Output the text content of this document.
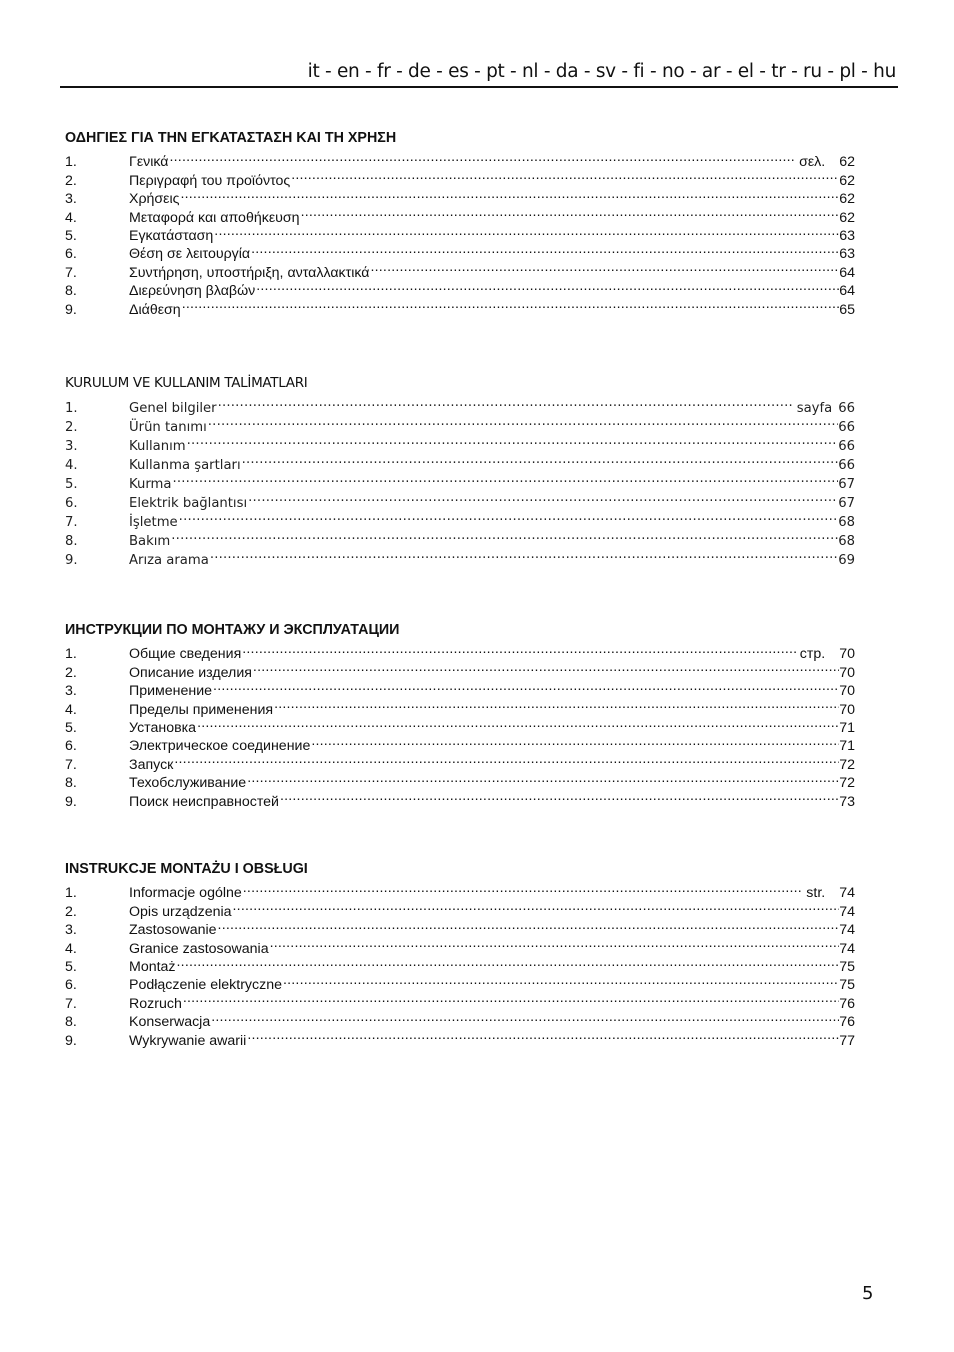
it - en - fr - de - es - pt - nl - da - sv - fi - no - ar - el - tr - ru - pl - hu
ΟΔΗΓΙΕΣ ΓΙΑ ΤΗΝ ΕΓΚΑΤΑΣΤΑΣΗ ΚΑΙ ΤΗ ΧΡΗΣΗ
1.	Γενικά .....	σελ. 62
2.	Περιγραφή του προϊόντος .....	62
3.	Χρήσεις .....	62
4.	Μεταφορά και αποθήκευση .....	62
5.	Εγκατάσταση .....	63
6.	Θέση σε λειτουργία .....	63
7.	Συντήρηση, υποστήριξη, ανταλλακτικά .....	64
8.	Διερεύνηση βλαβών .....	64
9.	Διάθεση .....	65
KURULUM VE KULLANIM TALİMATLARI
1.	Genel bilgiler .....	sayfa 66
2.	Ürün tanımı .....	66
3.	Kullanım .....	66
4.	Kullanma şartları .....	66
5.	Kurma .....	67
6.	Elektrik bağlantısı .....	67
7.	İşletme .....	68
8.	Bakım .....	68
9.	Arıza arama .....	69
ИНСТРУКЦИИ ПО МОНТАЖУ И ЭКСПЛУАТАЦИИ
1.	Общие сведения .....	стр. 70
2.	Описание изделия .....	70
3.	Применение .....	70
4.	Пределы применения .....	70
5.	Установка .....	71
6.	Электрическое соединение .....	71
7.	Запуск .....	72
8.	Техобслуживание .....	72
9.	Поиск неисправностей .....	73
INSTRUKCJE MONTAŻU I OBSŁUGI
1.	Informacje ogólne .....	str. 74
2.	Opis urządzenia .....	74
3.	Zastosowanie .....	74
4.	Granice zastosowania .....	74
5.	Montaż .....	75
6.	Podłączenie elektryczne .....	75
7.	Rozruch .....	76
8.	Konserwacja .....	76
9.	Wykrywanie awarii .....	77
5
